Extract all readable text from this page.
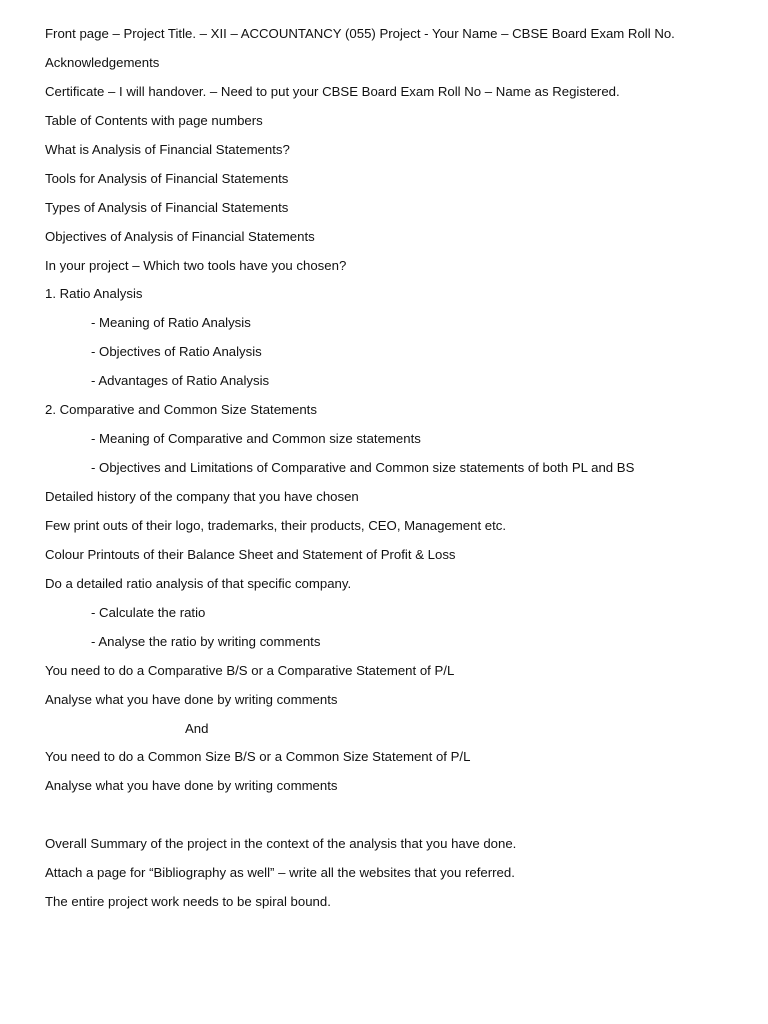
Front page – Project Title. – XII – ACCOUNTANCY (055) Project - Your Name – CBSE Board Exam Roll No.
Acknowledgements
Certificate – I will handover. – Need to put your CBSE Board Exam Roll No – Name as Registered.
Table of Contents with page numbers
What is Analysis of Financial Statements?
Tools for Analysis of Financial Statements
Types of Analysis of Financial Statements
Objectives of Analysis of Financial Statements
In your project – Which two tools have you chosen?
1. Ratio Analysis
- Meaning of Ratio Analysis
- Objectives of Ratio Analysis
- Advantages of Ratio Analysis
2. Comparative and Common Size Statements
- Meaning of Comparative and Common size statements
- Objectives and Limitations of Comparative and Common size statements of both PL and BS
Detailed history of the company that you have chosen
Few print outs of their logo, trademarks, their products, CEO, Management etc.
Colour Printouts of their Balance Sheet and Statement of Profit & Loss
Do a detailed ratio analysis of that specific company.
- Calculate the ratio
- Analyse the ratio by writing comments
You need to do a Comparative B/S or a Comparative Statement of P/L
Analyse what you have done by writing comments
And
You need to do a Common Size B/S or a Common Size Statement of P/L
Analyse what you have done by writing comments
Overall Summary of the project in the context of the analysis that you have done.
Attach a page for “Bibliography as well” – write all the websites that you referred.
The entire project work needs to be spiral bound.
